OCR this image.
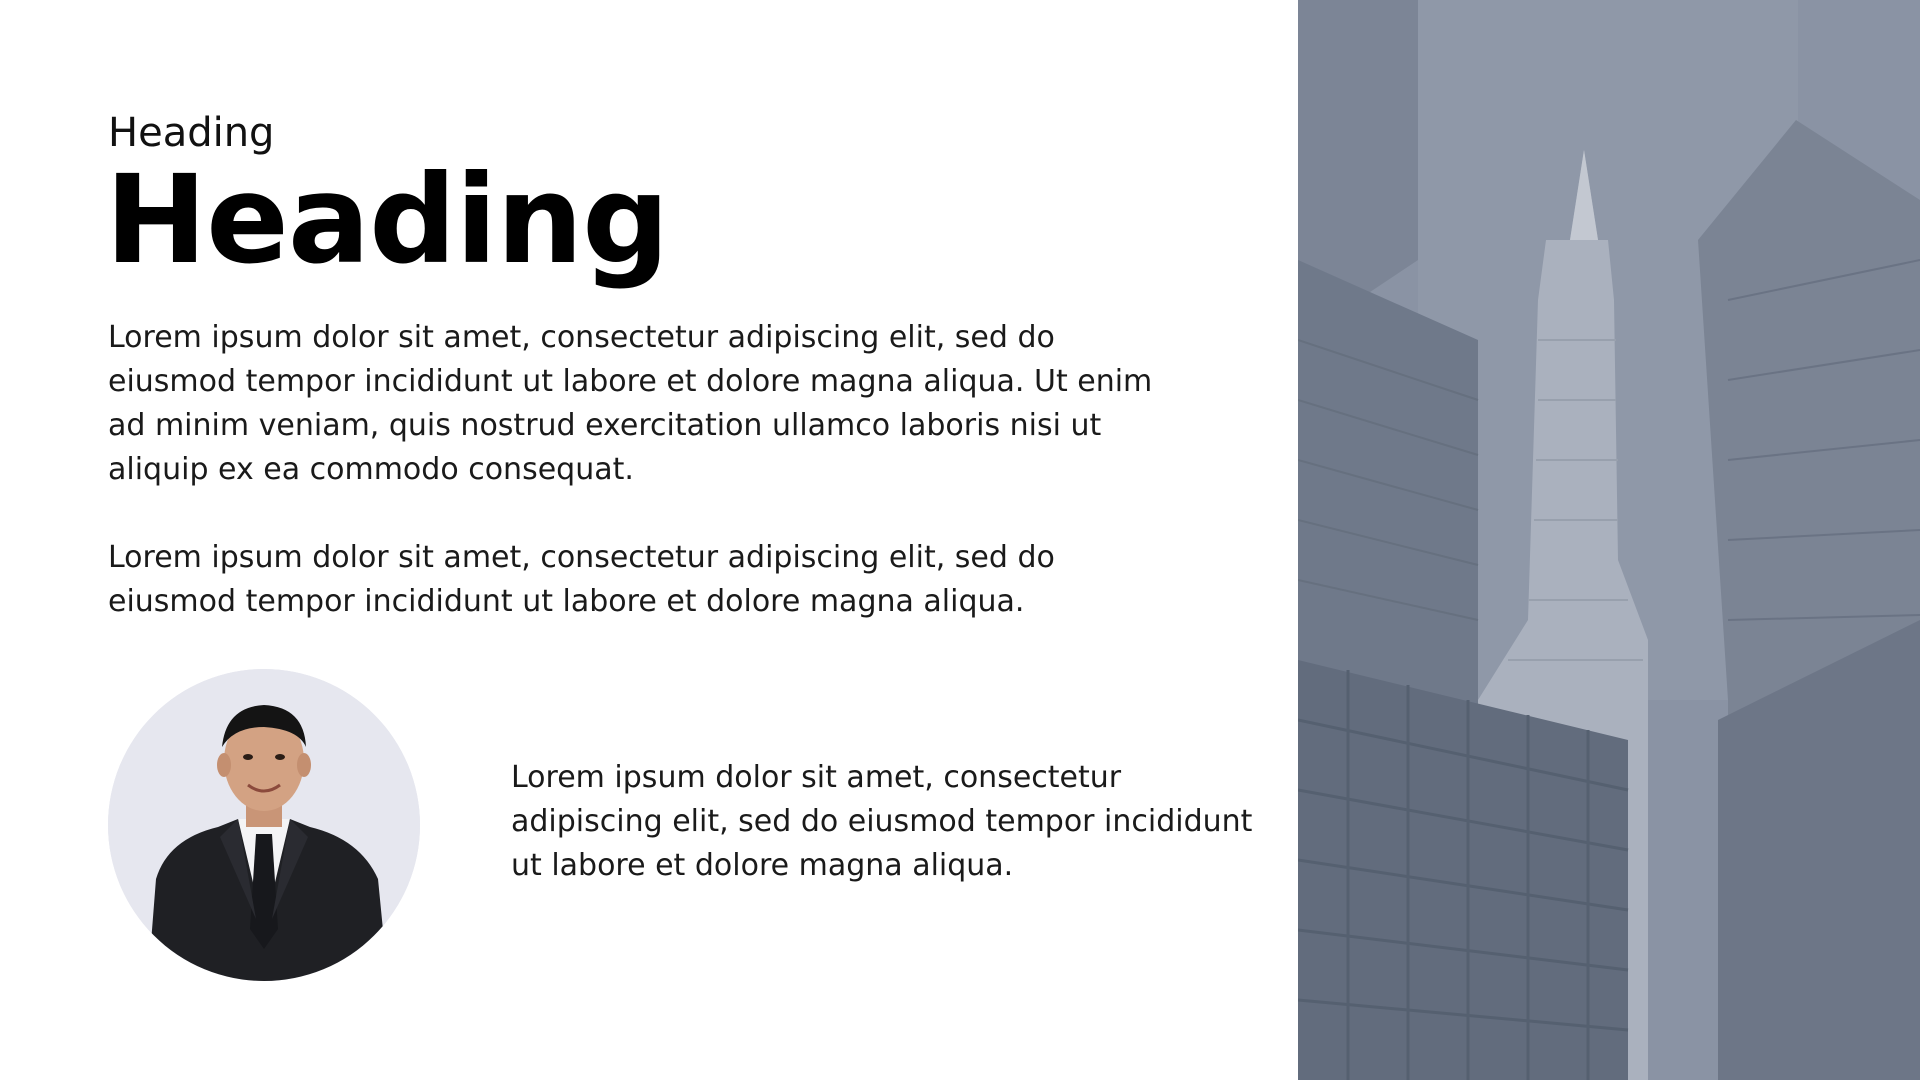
Heading
Heading

Lorem ipsum dolor sit amet, consectetur adipiscing elit, sed do eiusmod tempor incididunt ut labore et dolore magna aliqua. Ut enim ad minim veniam, quis nostrud exercitation ullamco laboris nisi ut aliquip ex ea commodo consequat.

Lorem ipsum dolor sit amet, consectetur adipiscing elit, sed do eiusmod tempor incididunt ut labore et dolore magna aliqua.

Lorem ipsum dolor sit amet, consectetur adipiscing elit, sed do eiusmod tempor incididunt ut labore et dolore magna aliqua.
